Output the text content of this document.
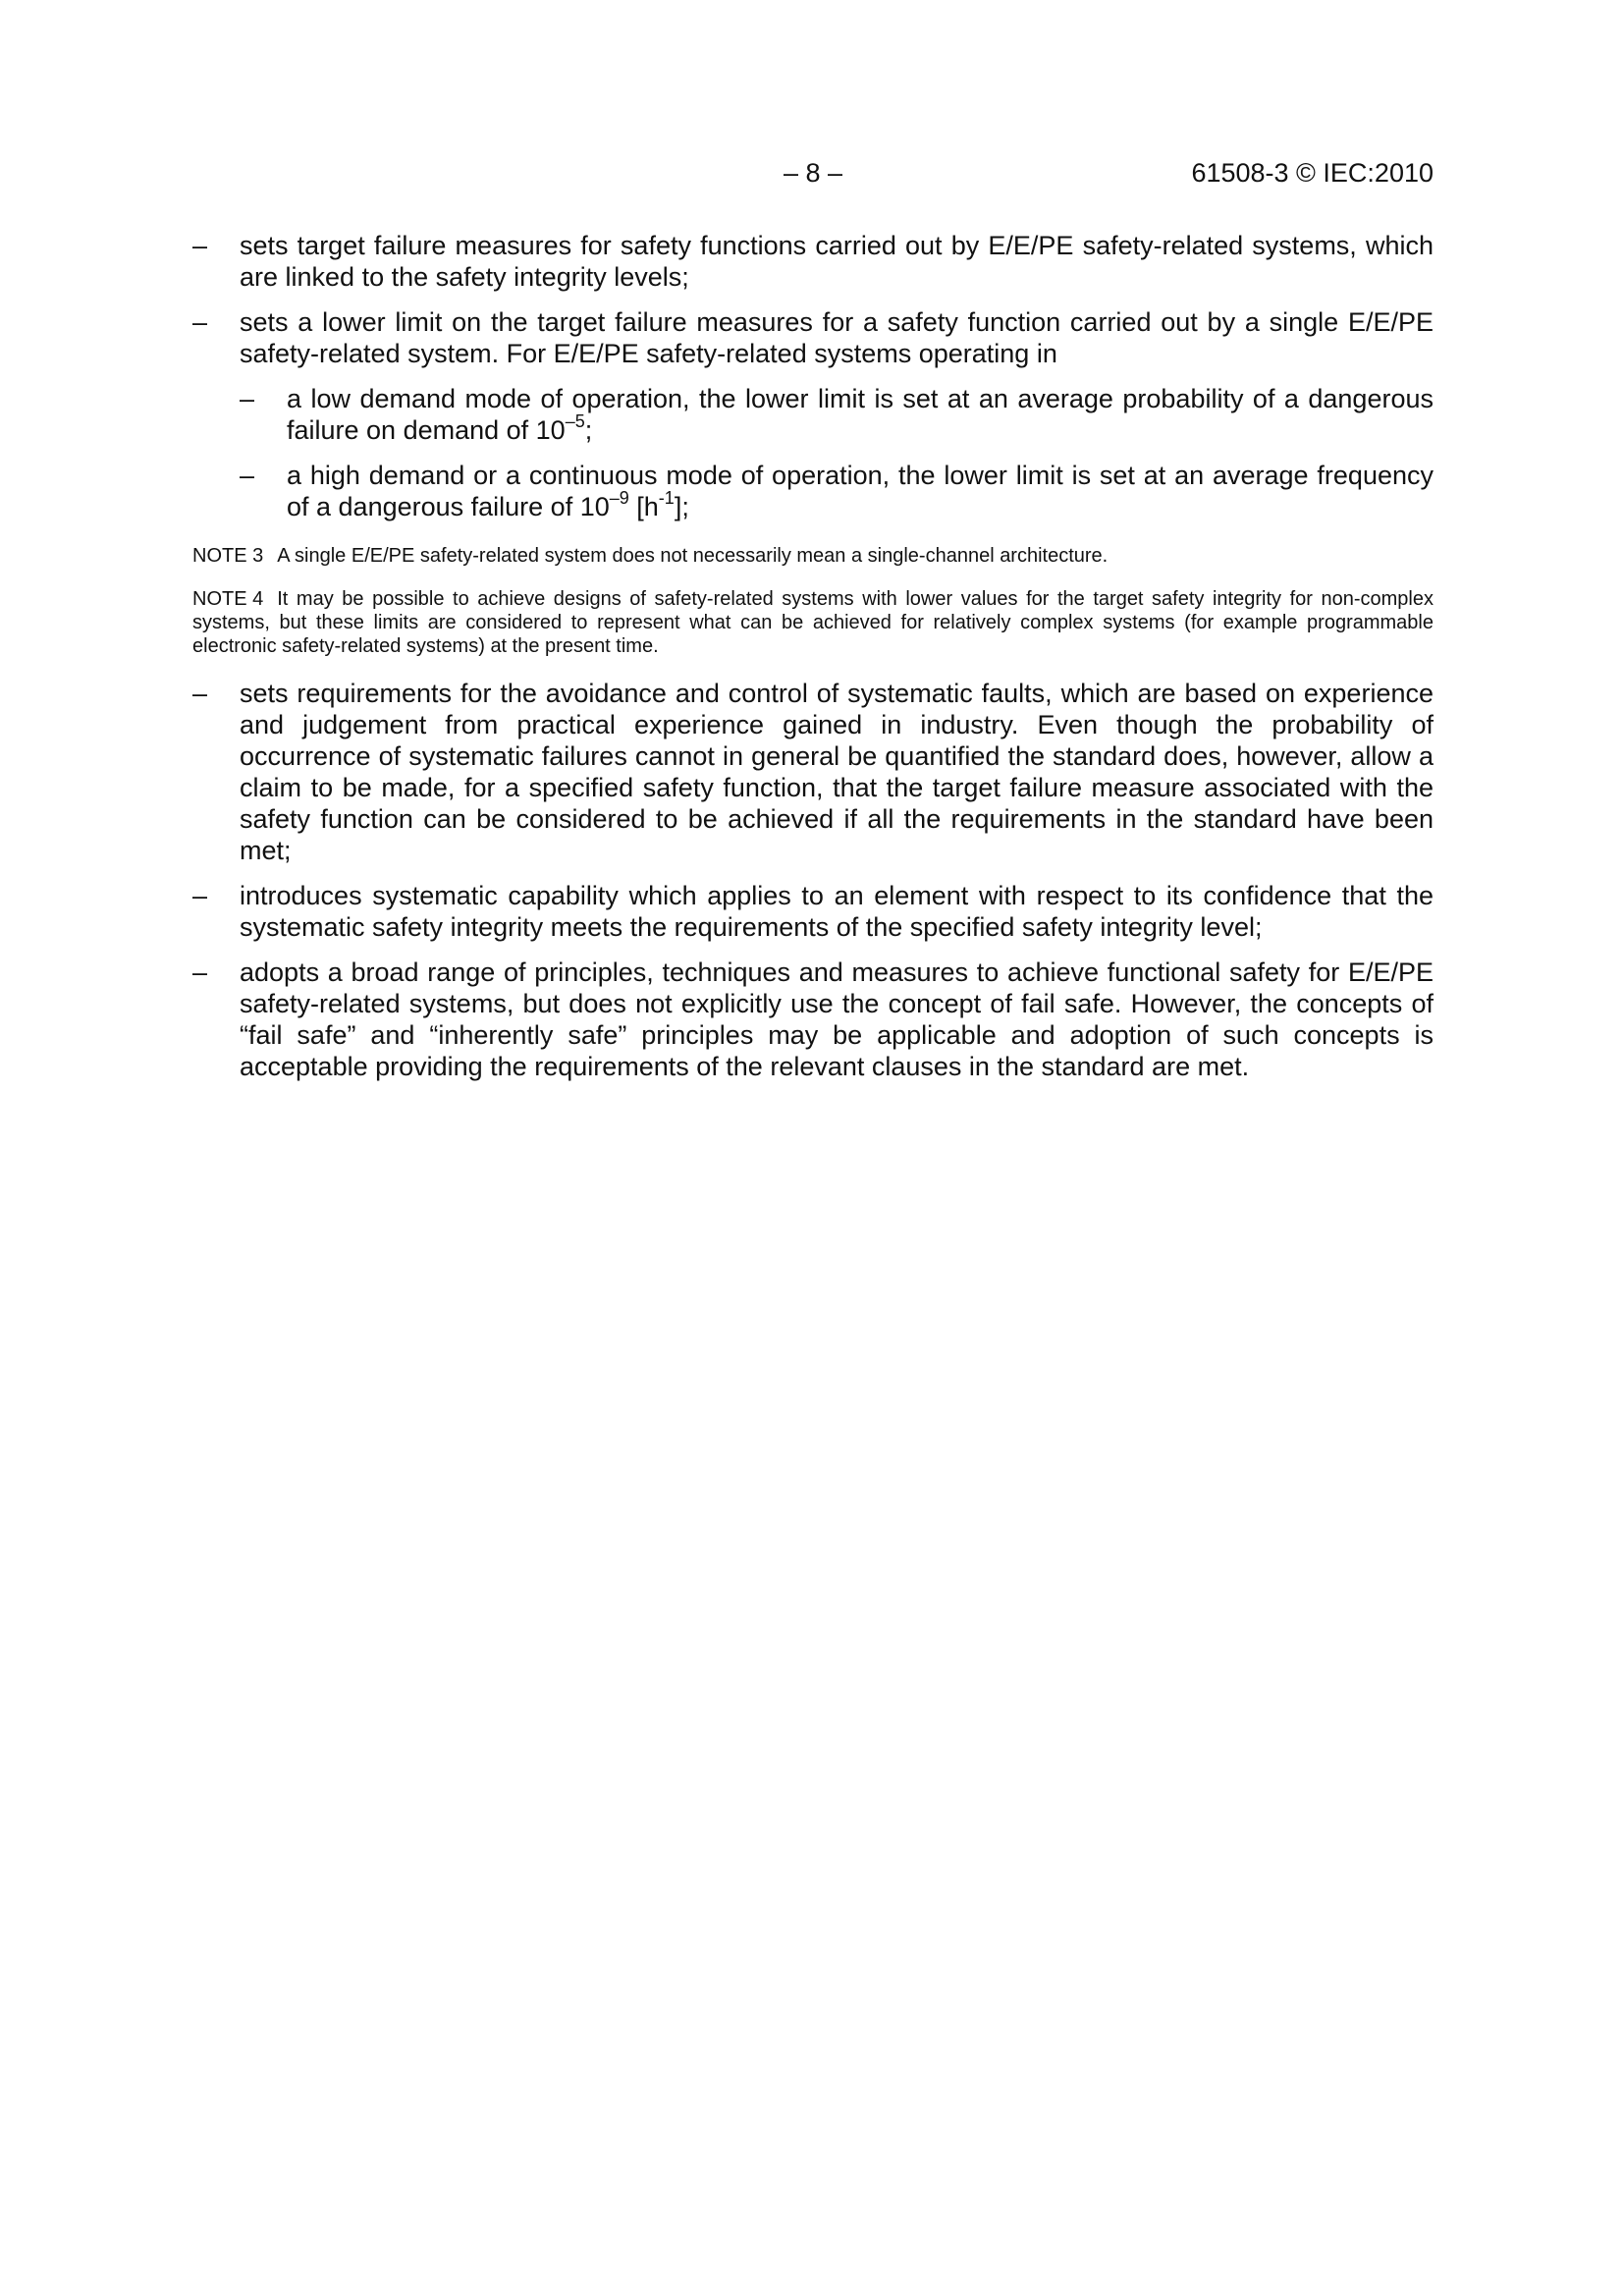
– 8 –	61508-3 © IEC:2010
– sets target failure measures for safety functions carried out by E/E/PE safety-related systems, which are linked to the safety integrity levels;
– sets a lower limit on the target failure measures for a safety function carried out by a single E/E/PE safety-related system. For E/E/PE safety-related systems operating in
– a low demand mode of operation, the lower limit is set at an average probability of a dangerous failure on demand of $10^{-5}$;
– a high demand or a continuous mode of operation, the lower limit is set at an average frequency of a dangerous failure of $10^{-9}$ $[h^{-1}]$;
NOTE 3 A single E/E/PE safety-related system does not necessarily mean a single-channel architecture.
NOTE 4 It may be possible to achieve designs of safety-related systems with lower values for the target safety integrity for non-complex systems, but these limits are considered to represent what can be achieved for relatively complex systems (for example programmable electronic safety-related systems) at the present time.
– sets requirements for the avoidance and control of systematic faults, which are based on experience and judgement from practical experience gained in industry. Even though the probability of occurrence of systematic failures cannot in general be quantified the standard does, however, allow a claim to be made, for a specified safety function, that the target failure measure associated with the safety function can be considered to be achieved if all the requirements in the standard have been met;
– introduces systematic capability which applies to an element with respect to its confidence that the systematic safety integrity meets the requirements of the specified safety integrity level;
– adopts a broad range of principles, techniques and measures to achieve functional safety for E/E/PE safety-related systems, but does not explicitly use the concept of fail safe. However, the concepts of “fail safe” and “inherently safe” principles may be applicable and adoption of such concepts is acceptable providing the requirements of the relevant clauses in the standard are met.
